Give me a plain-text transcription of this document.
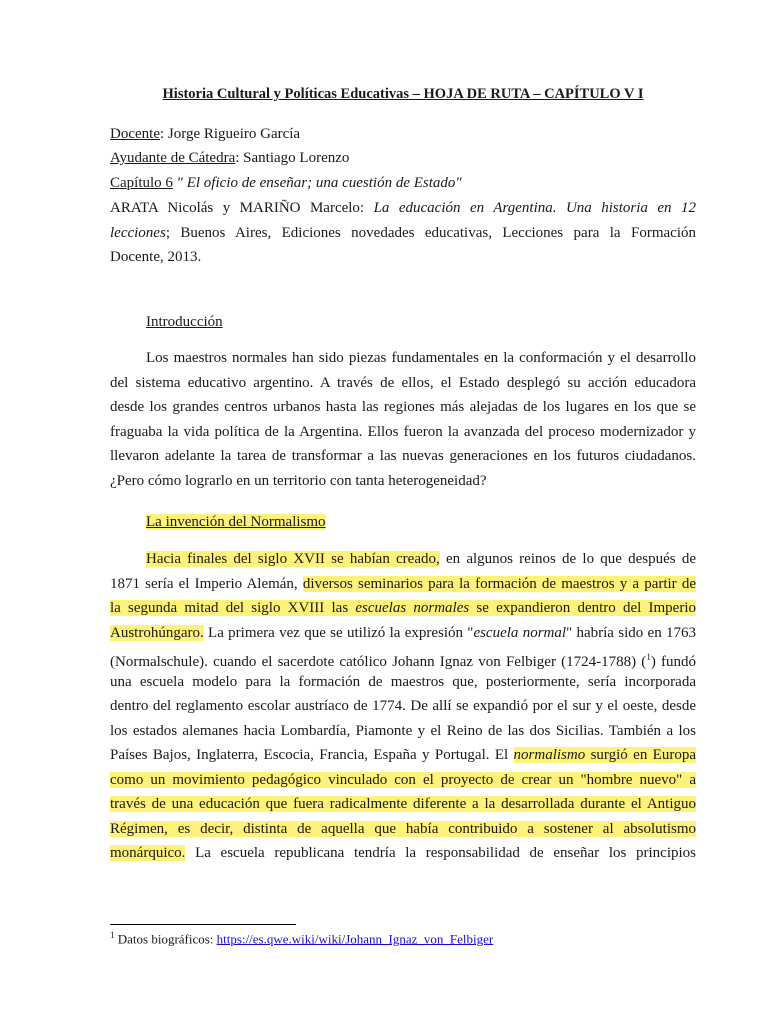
Historia Cultural y Políticas Educativas – HOJA DE RUTA – CAPÍTULO V I
Docente: Jorge Rigueiro García
Ayudante de Cátedra: Santiago Lorenzo
Capítulo 6 " El oficio de enseñar; una cuestión de Estado"

ARATA Nicolás y MARIÑO Marcelo: La educación en Argentina. Una historia en 12

lecciones; Buenos Aires, Ediciones novedades educativas, Lecciones para la Formación

Docente, 2013.

Introducción

Los maestros normales han sido piezas fundamentales en la conformación y el desarrollo

del sistema educativo argentino. A través de ellos, el Estado desplegó su acción educadora

desde los grandes centros urbanos hasta las regiones más alejadas de los lugares en los que se

fraguaba la vida política de la Argentina. Ellos fueron la avanzada del proceso modernizador y

llevaron adelante la tarea de transformar a las nuevas generaciones en los futuros ciudadanos.

¿Pero cómo lograrlo en un territorio con tanta heterogeneidad?

La invención del Normalismo

Hacia finales del siglo XVII se habían creado, en algunos reinos de lo que después de

1871 sería el Imperio Alemán, diversos seminarios para la formación de maestros y a partir de

la segunda mitad del siglo XVIII las escuelas normales se expandieron dentro del Imperio

Austrohúngaro. La primera vez que se utilizó la expresión "escuela normal" habría sido en 1763

(Normalschule). cuando el sacerdote católico Johann Ignaz von Felbiger (1724-1788) ($^1$) fundó

una escuela modelo para la formación de maestros que, posteriormente, sería incorporada

dentro del reglamento escolar austríaco de 1774. De allí se expandió por el sur y el oeste, desde

los estados alemanes hacia Lombardía, Piamonte y el Reino de las dos Sicilias. También a los

Países Bajos, Inglaterra, Escocia, Francia, España y Portugal. El normalismo surgió en Europa

como un movimiento pedagógico vinculado con el proyecto de crear un "hombre nuevo" a

través de una educación que fuera radicalmente diferente a la desarrollada durante el Antiguo

Régimen, es decir, distinta de aquella que había contribuido a sostener al absolutismo

monárquico. La escuela republicana tendría la responsabilidad de enseñar los principios

$^1$ Datos biográficos: https://es.qwe.wiki/wiki/Johann_Ignaz_von_Felbiger
